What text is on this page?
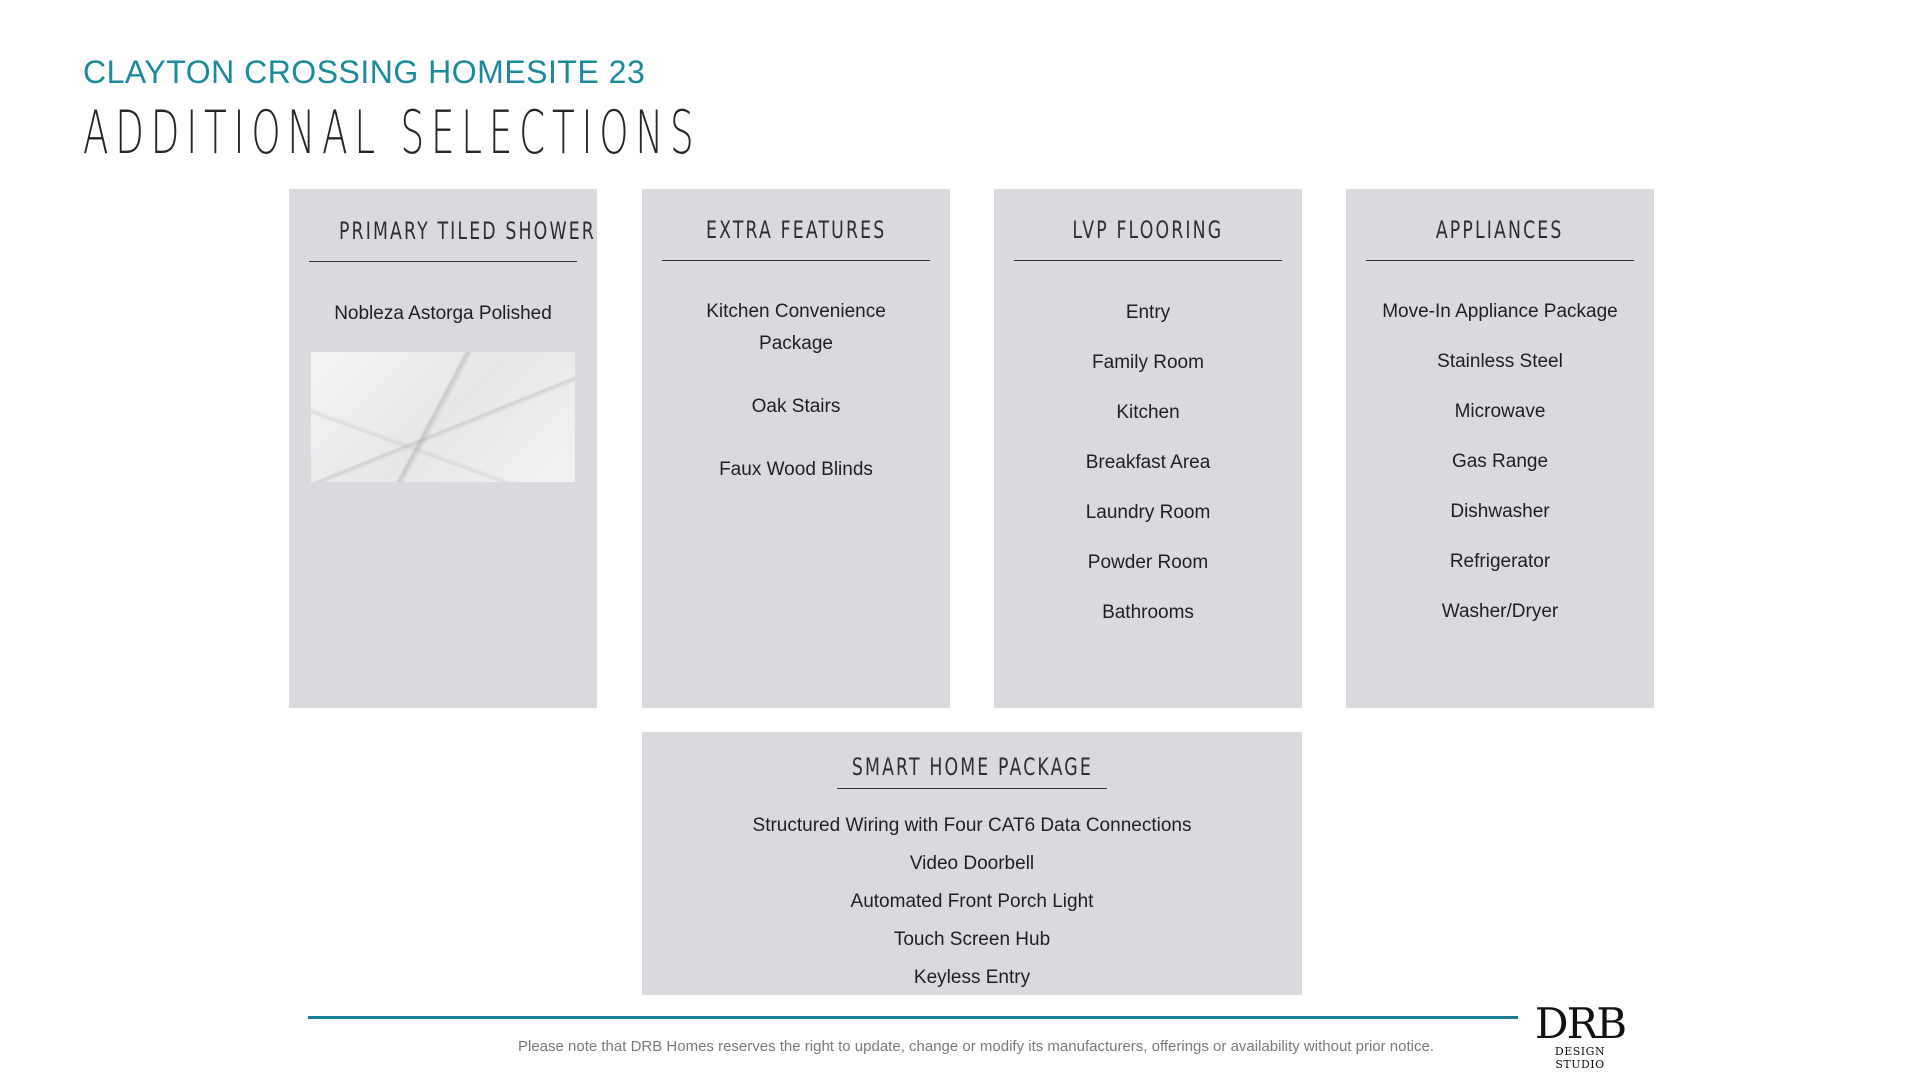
CLAYTON CROSSING HOMESITE 23
ADDITIONAL SELECTIONS
PRIMARY TILED SHOWER
Nobleza Astorga Polished
EXTRA FEATURES
Kitchen Convenience
Package
Oak Stairs
Faux Wood Blinds
LVP FLOORING
Entry
Family Room
Kitchen
Breakfast Area
Laundry Room
Powder Room
Bathrooms
APPLIANCES
Move-In Appliance Package
Stainless Steel
Microwave
Gas Range
Dishwasher
Refrigerator
Washer/Dryer
SMART HOME PACKAGE
Structured Wiring with Four CAT6 Data Connections
Video Doorbell
Automated Front Porch Light
Touch Screen Hub
Keyless Entry
Please note that DRB Homes reserves the right to update, change or modify its manufacturers, offerings or availability without prior notice.	DRB
DESIGN STUDIO
